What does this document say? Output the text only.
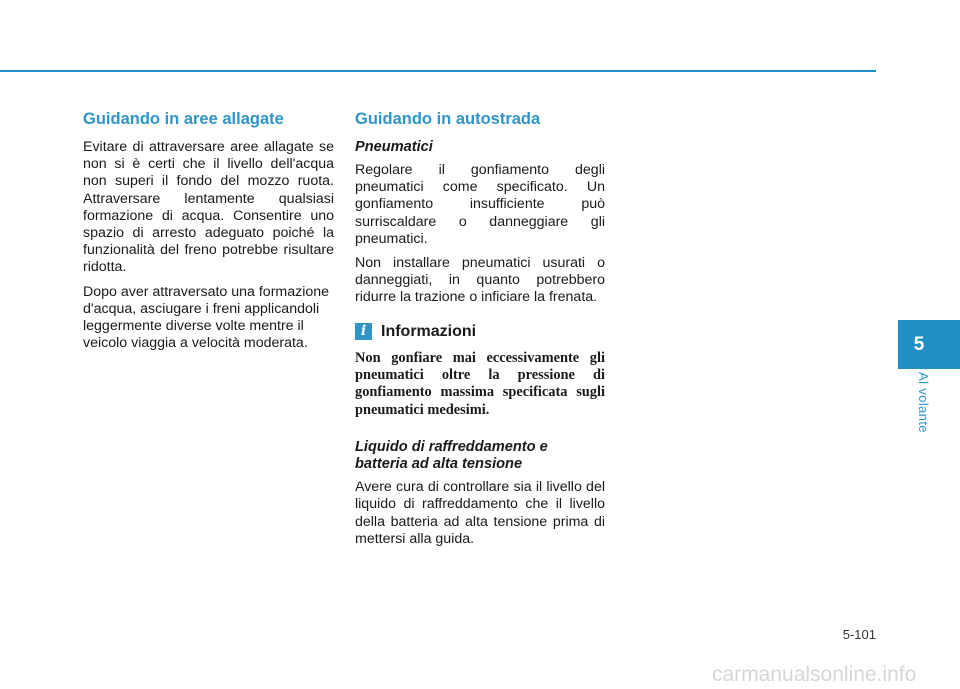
Guidando in aree allagate

Evitare di attraversare aree allagate se non si è certi che il livello dell'acqua non superi il fondo del mozzo ruota. Attraversare lentamente qualsiasi formazione di acqua. Consentire uno spazio di arresto adeguato poiché la funzionalità del freno potrebbe risultare ridotta.

Dopo aver attraversato una formazione d'acqua, asciugare i freni applicandoli leggermente diverse volte mentre il veicolo viaggia a velocità moderata.

Guidando in autostrada
Pneumatici

Regolare il gonfiamento degli pneumatici come specificato. Un gonfiamento insufficiente può surriscaldare o danneggiare gli pneumatici.

Non installare pneumatici usurati o danneggiati, in quanto potrebbero ridurre la trazione o inficiare la frenata.

i Informazioni

Non gonfiare mai eccessivamente gli pneumatici oltre la pressione di gonfiamento massima specificata sugli pneumatici medesimi.

Liquido di raffreddamento e
batteria ad alta tensione

Avere cura di controllare sia il livello del liquido di raffreddamento che il livello della batteria ad alta tensione prima di mettersi alla guida.

5
Al volante
5-101
carmanualsonline.info
